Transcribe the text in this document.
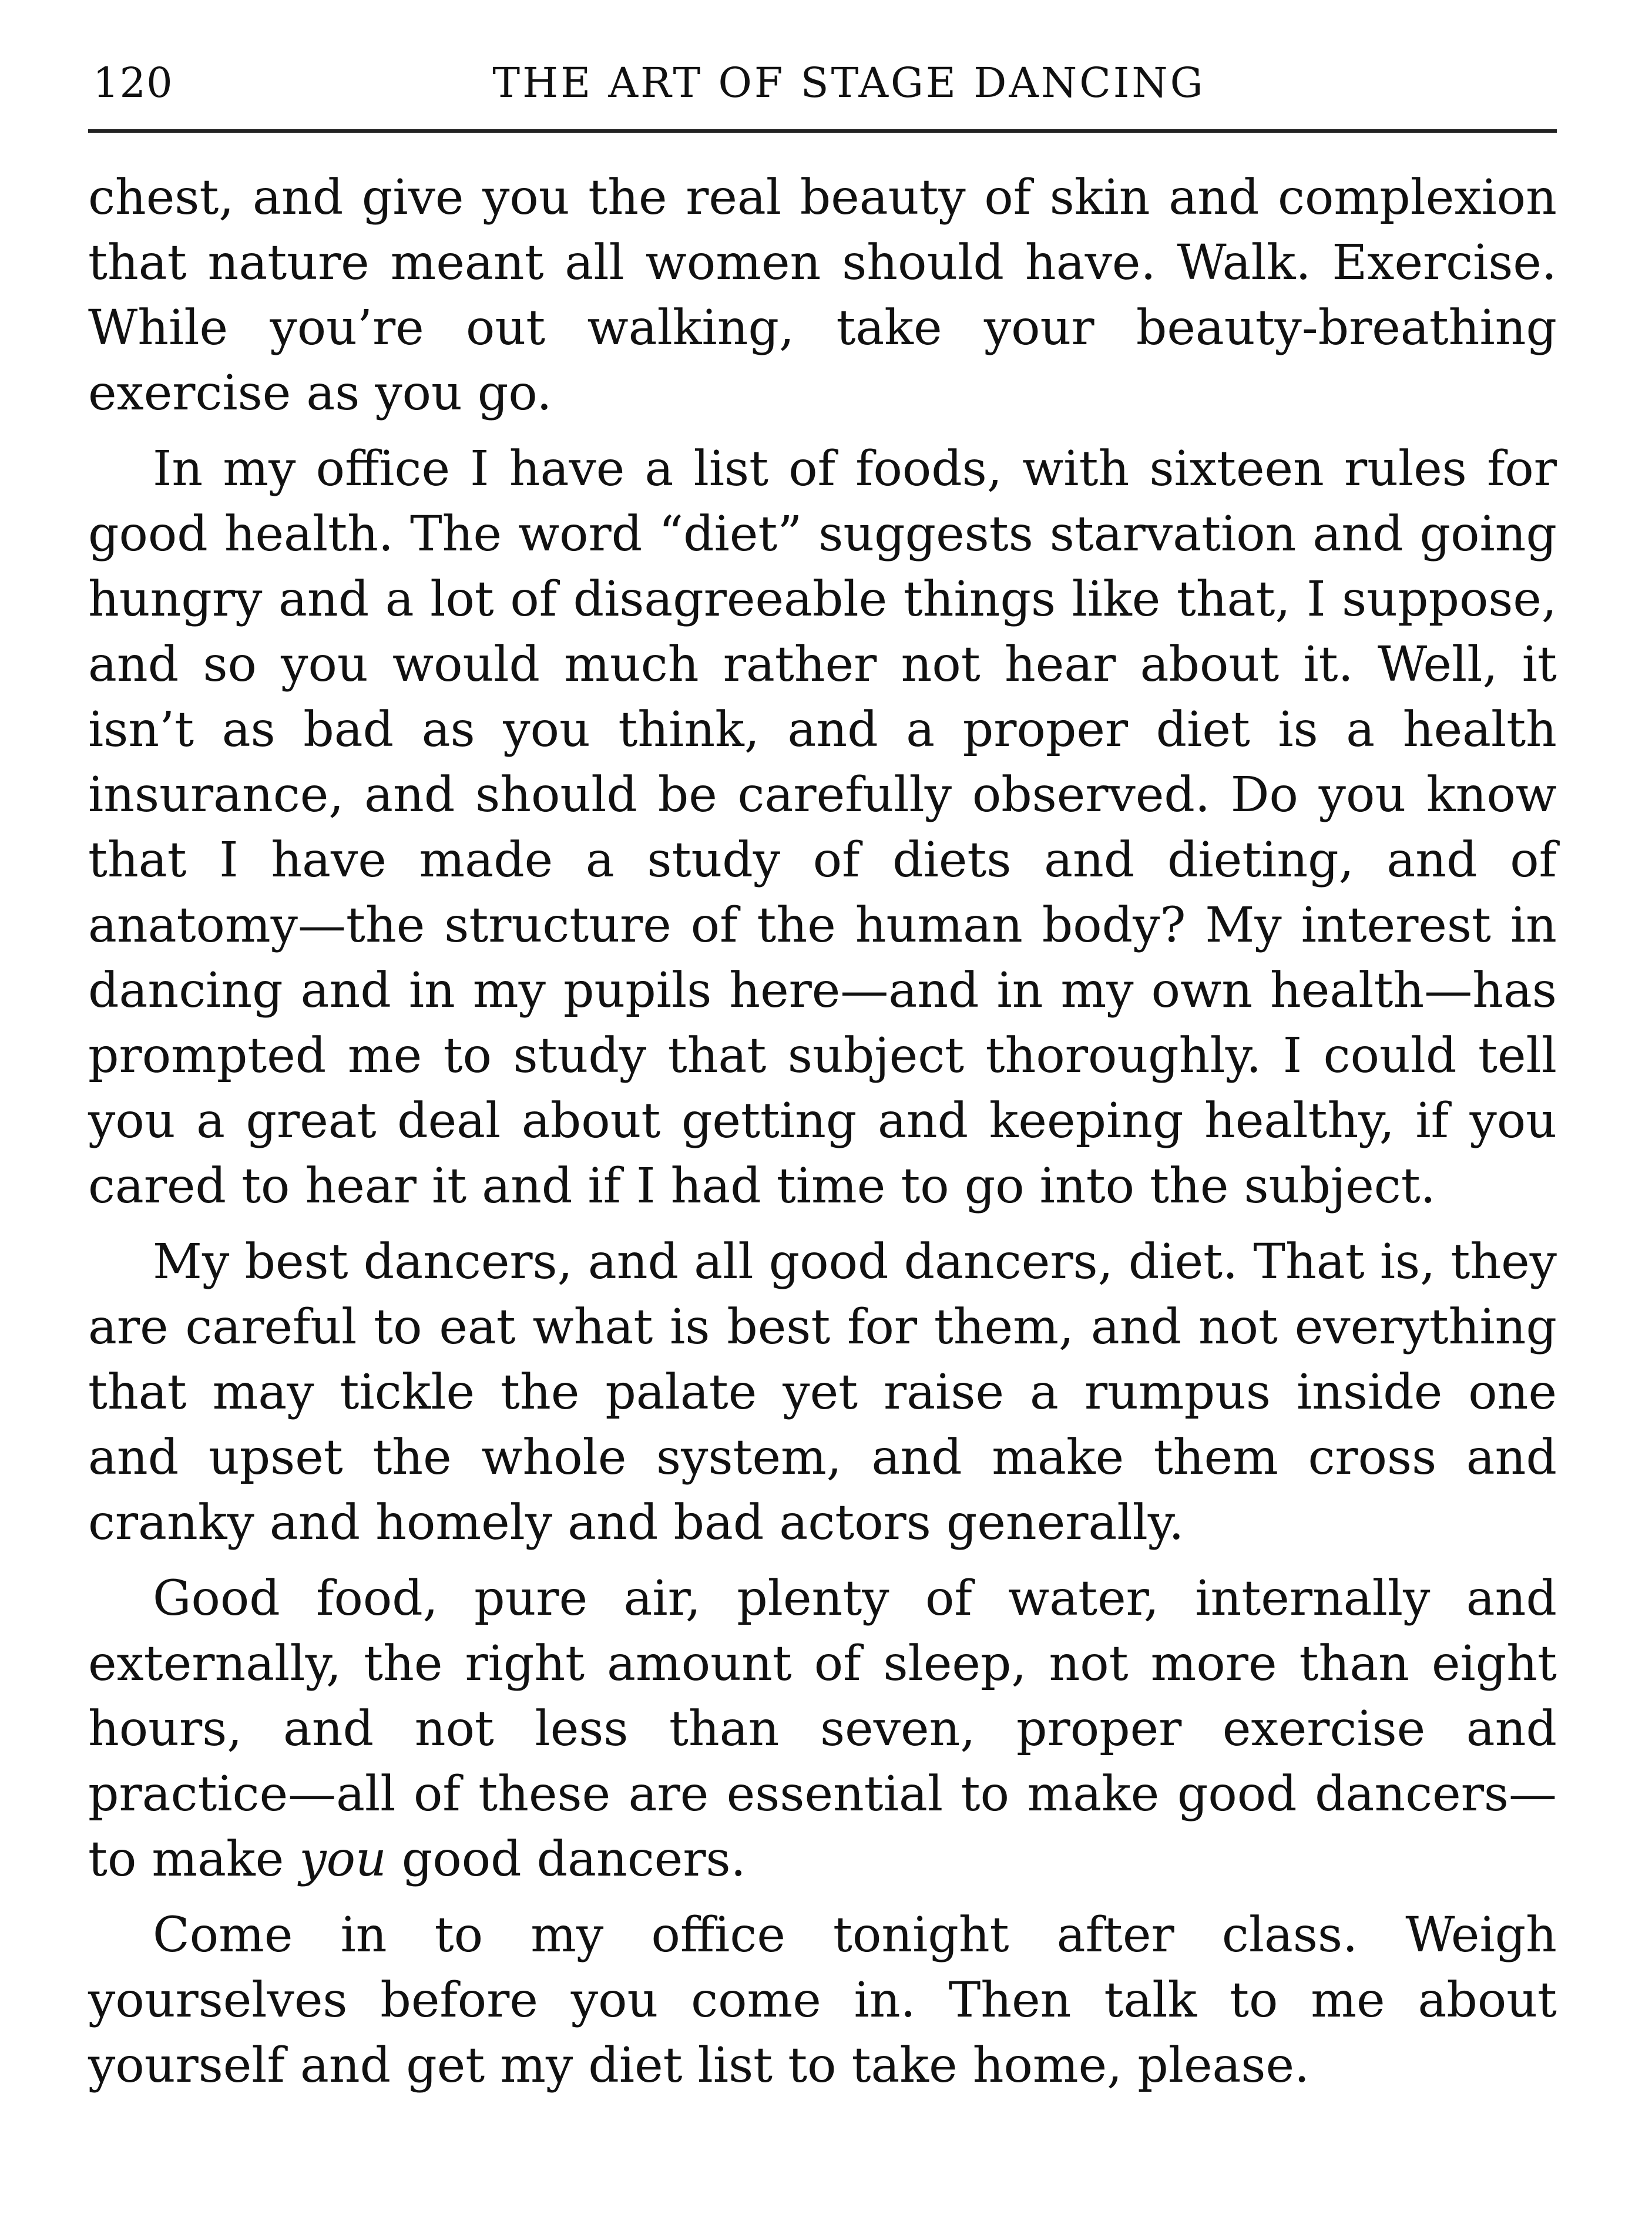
120	THE ART OF STAGE DANCING

chest, and give you the real beauty of skin and complexion that nature meant all women should have. Walk. Exercise. While you’re out walking, take your beauty-breathing exercise as you go.

In my office I have a list of foods, with sixteen rules for good health. The word “diet” suggests starvation and going hungry and a lot of disagreeable things like that, I suppose, and so you would much rather not hear about it. Well, it isn’t as bad as you think, and a proper diet is a health insurance, and should be carefully observed. Do you know that I have made a study of diets and dieting, and of anatomy—the structure of the human body? My interest in dancing and in my pupils here—and in my own health—has prompted me to study that subject thoroughly. I could tell you a great deal about getting and keeping healthy, if you cared to hear it and if I had time to go into the subject.

My best dancers, and all good dancers, diet. That is, they are careful to eat what is best for them, and not everything that may tickle the palate yet raise a rumpus inside one and upset the whole system, and make them cross and cranky and homely and bad actors generally.

Good food, pure air, plenty of water, internally and externally, the right amount of sleep, not more than eight hours, and not less than seven, proper exercise and practice—all of these are essential to make good dancers—to make you good dancers.

Come in to my office tonight after class. Weigh yourselves before you come in. Then talk to me about yourself and get my diet list to take home, please.
